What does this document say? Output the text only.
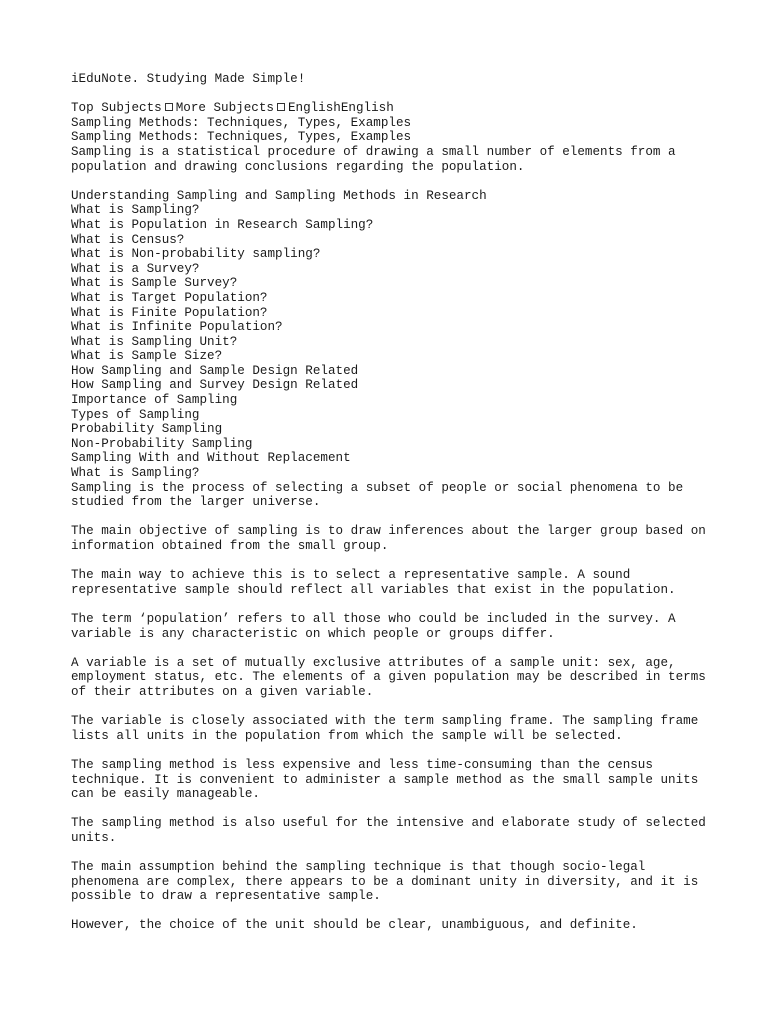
iEduNote. Studying Made Simple!
Top Subjects More Subjects EnglishEnglish
Sampling Methods: Techniques, Types, Examples
Sampling Methods: Techniques, Types, Examples
Sampling is a statistical procedure of drawing a small number of elements from a population and drawing conclusions regarding the population.
Understanding Sampling and Sampling Methods in Research
What is Sampling?
What is Population in Research Sampling?
What is Census?
What is Non-probability sampling?
What is a Survey?
What is Sample Survey?
What is Target Population?
What is Finite Population?
What is Infinite Population?
What is Sampling Unit?
What is Sample Size?
How Sampling and Sample Design Related
How Sampling and Survey Design Related
Importance of Sampling
Types of Sampling
Probability Sampling
Non-Probability Sampling
Sampling With and Without Replacement
What is Sampling?
Sampling is the process of selecting a subset of people or social phenomena to be studied from the larger universe.
The main objective of sampling is to draw inferences about the larger group based on information obtained from the small group.
The main way to achieve this is to select a representative sample. A sound representative sample should reflect all variables that exist in the population.
The term ‘population’ refers to all those who could be included in the survey. A variable is any characteristic on which people or groups differ.
A variable is a set of mutually exclusive attributes of a sample unit: sex, age, employment status, etc. The elements of a given population may be described in terms of their attributes on a given variable.
The variable is closely associated with the term sampling frame. The sampling frame lists all units in the population from which the sample will be selected.
The sampling method is less expensive and less time-consuming than the census technique. It is convenient to administer a sample method as the small sample units can be easily manageable.
The sampling method is also useful for the intensive and elaborate study of selected units.
The main assumption behind the sampling technique is that though socio-legal phenomena are complex, there appears to be a dominant unity in diversity, and it is possible to draw a representative sample.
However, the choice of the unit should be clear, unambiguous, and definite.
